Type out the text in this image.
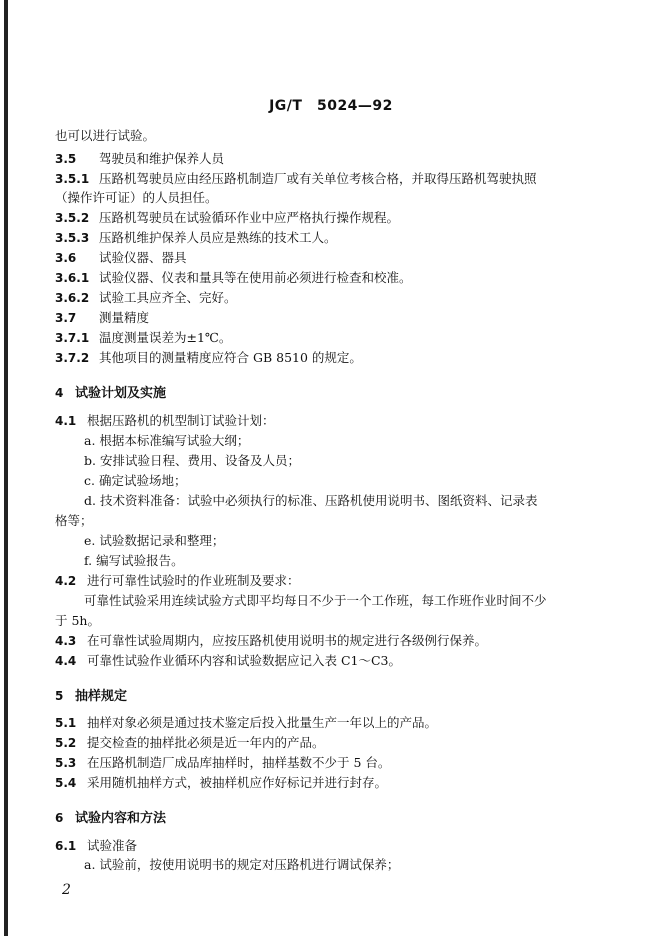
JG/T　5024—92
也可以进行试验。
3.5 驾驶员和维护保养人员
3.5.1 压路机驾驶员应由经压路机制造厂或有关单位考核合格，并取得压路机驾驶执照
（操作许可证）的人员担任。
3.5.2 压路机驾驶员在试验循环作业中应严格执行操作规程。
3.5.3 压路机维护保养人员应是熟练的技术工人。
3.6 试验仪器、器具
3.6.1 试验仪器、仪表和量具等在使用前必须进行检查和校准。
3.6.2 试验工具应齐全、完好。
3.7 测量精度
3.7.1 温度测量误差为±1℃。
3.7.2 其他项目的测量精度应符合 GB 8510 的规定。
4 试验计划及实施
4.1 根据压路机的机型制订试验计划：
a. 根据本标准编写试验大纲；
b. 安排试验日程、费用、设备及人员；
c. 确定试验场地；
d. 技术资料准备：试验中必须执行的标准、压路机使用说明书、图纸资料、记录表
格等；
e. 试验数据记录和整理；
f. 编写试验报告。
4.2 进行可靠性试验时的作业班制及要求：
可靠性试验采用连续试验方式即平均每日不少于一个工作班，每工作班作业时间不少
于 5h。
4.3 在可靠性试验周期内，应按压路机使用说明书的规定进行各级例行保养。
4.4 可靠性试验作业循环内容和试验数据应记入表 C1～C3。
5 抽样规定
5.1 抽样对象必须是通过技术鉴定后投入批量生产一年以上的产品。
5.2 提交检查的抽样批必须是近一年内的产品。
5.3 在压路机制造厂成品库抽样时，抽样基数不少于 5 台。
5.4 采用随机抽样方式，被抽样机应作好标记并进行封存。
6 试验内容和方法
6.1 试验准备
a. 试验前，按使用说明书的规定对压路机进行调试保养；
2
